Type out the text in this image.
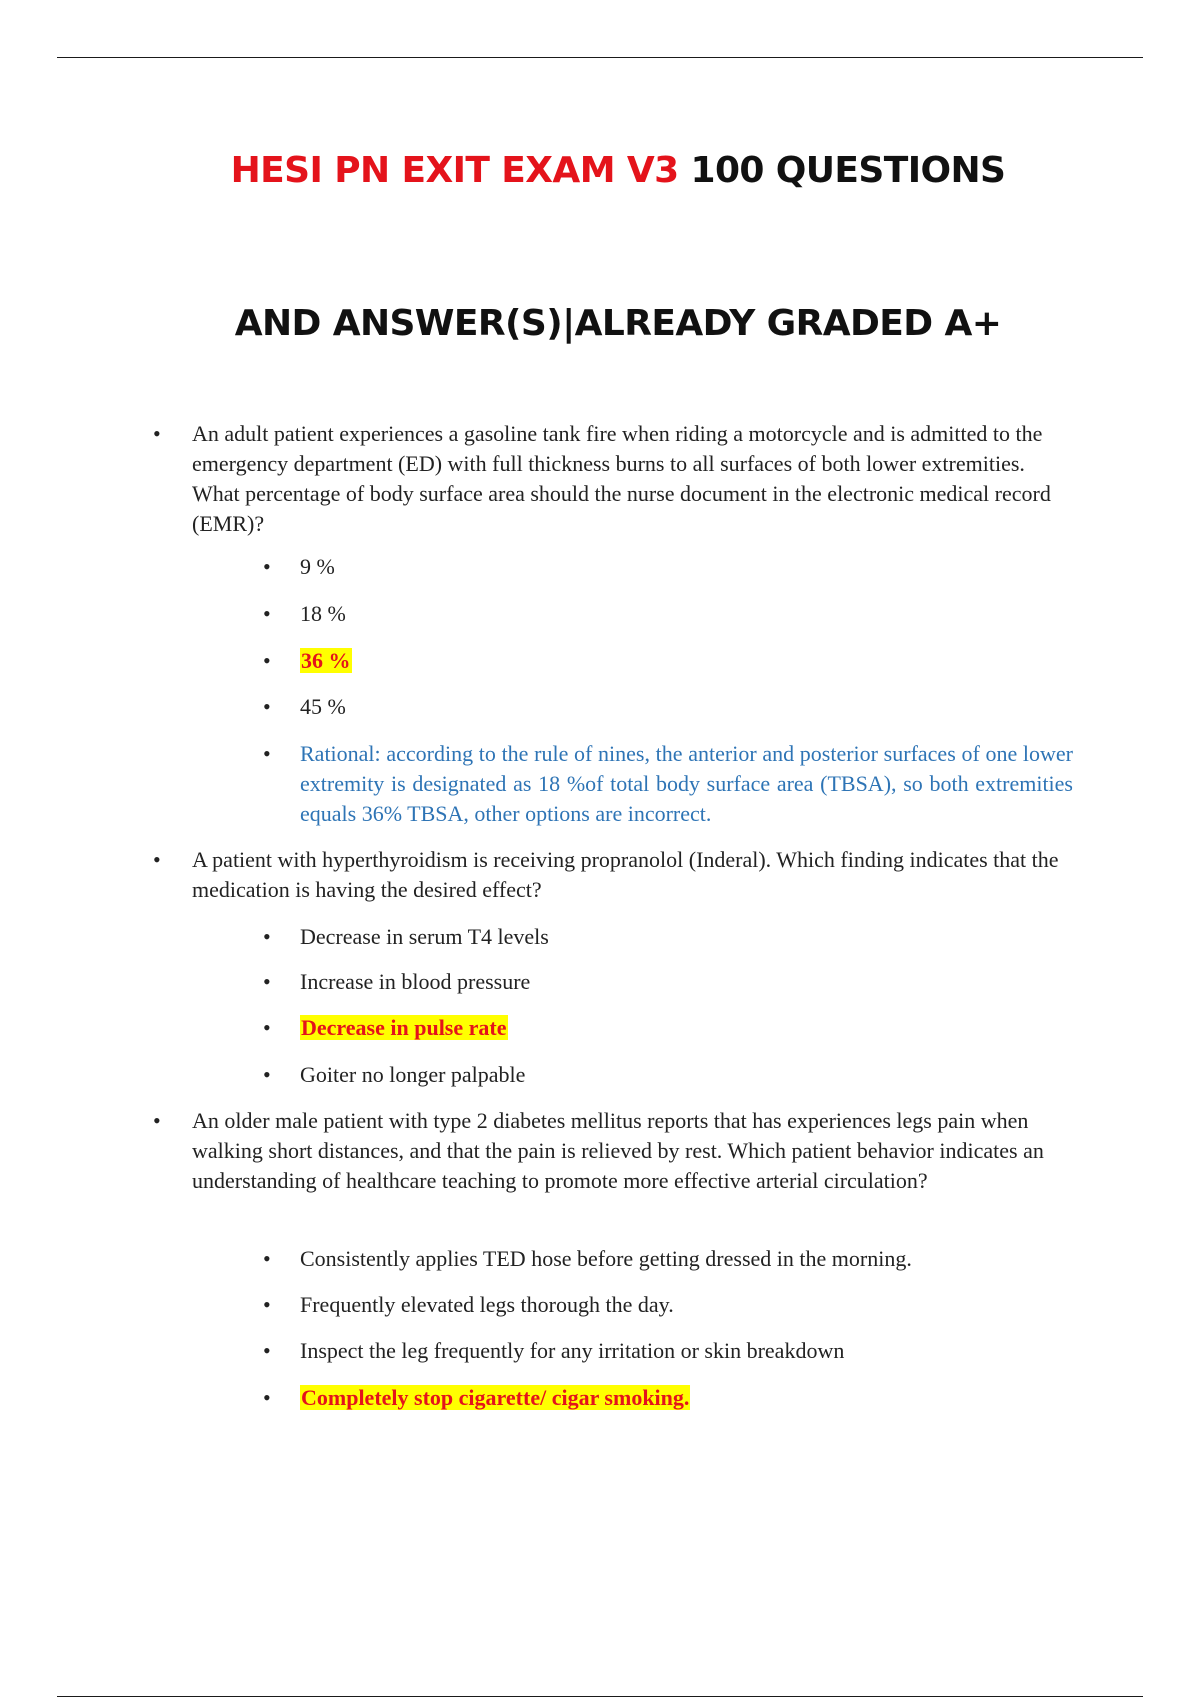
HESI PN EXIT EXAM V3 100 QUESTIONS
AND ANSWER(S)|ALREADY GRADED A+
• An adult patient experiences a gasoline tank fire when riding a motorcycle and is admitted to the emergency department (ED) with full thickness burns to all surfaces of both lower extremities. What percentage of body surface area should the nurse document in the electronic medical record (EMR)?
• 9 %
• 18 %
• 36 %
• 45 %
• Rational: according to the rule of nines, the anterior and posterior surfaces of one lower extremity is designated as 18 %of total body surface area (TBSA), so both extremities equals 36% TBSA, other options are incorrect.
• A patient with hyperthyroidism is receiving propranolol (Inderal). Which finding indicates that the medication is having the desired effect?
• Decrease in serum T4 levels
• Increase in blood pressure
• Decrease in pulse rate
• Goiter no longer palpable
• An older male patient with type 2 diabetes mellitus reports that has experiences legs pain when walking short distances, and that the pain is relieved by rest. Which patient behavior indicates an understanding of healthcare teaching to promote more effective arterial circulation?
• Consistently applies TED hose before getting dressed in the morning.
• Frequently elevated legs thorough the day.
• Inspect the leg frequently for any irritation or skin breakdown
• Completely stop cigarette/ cigar smoking.
